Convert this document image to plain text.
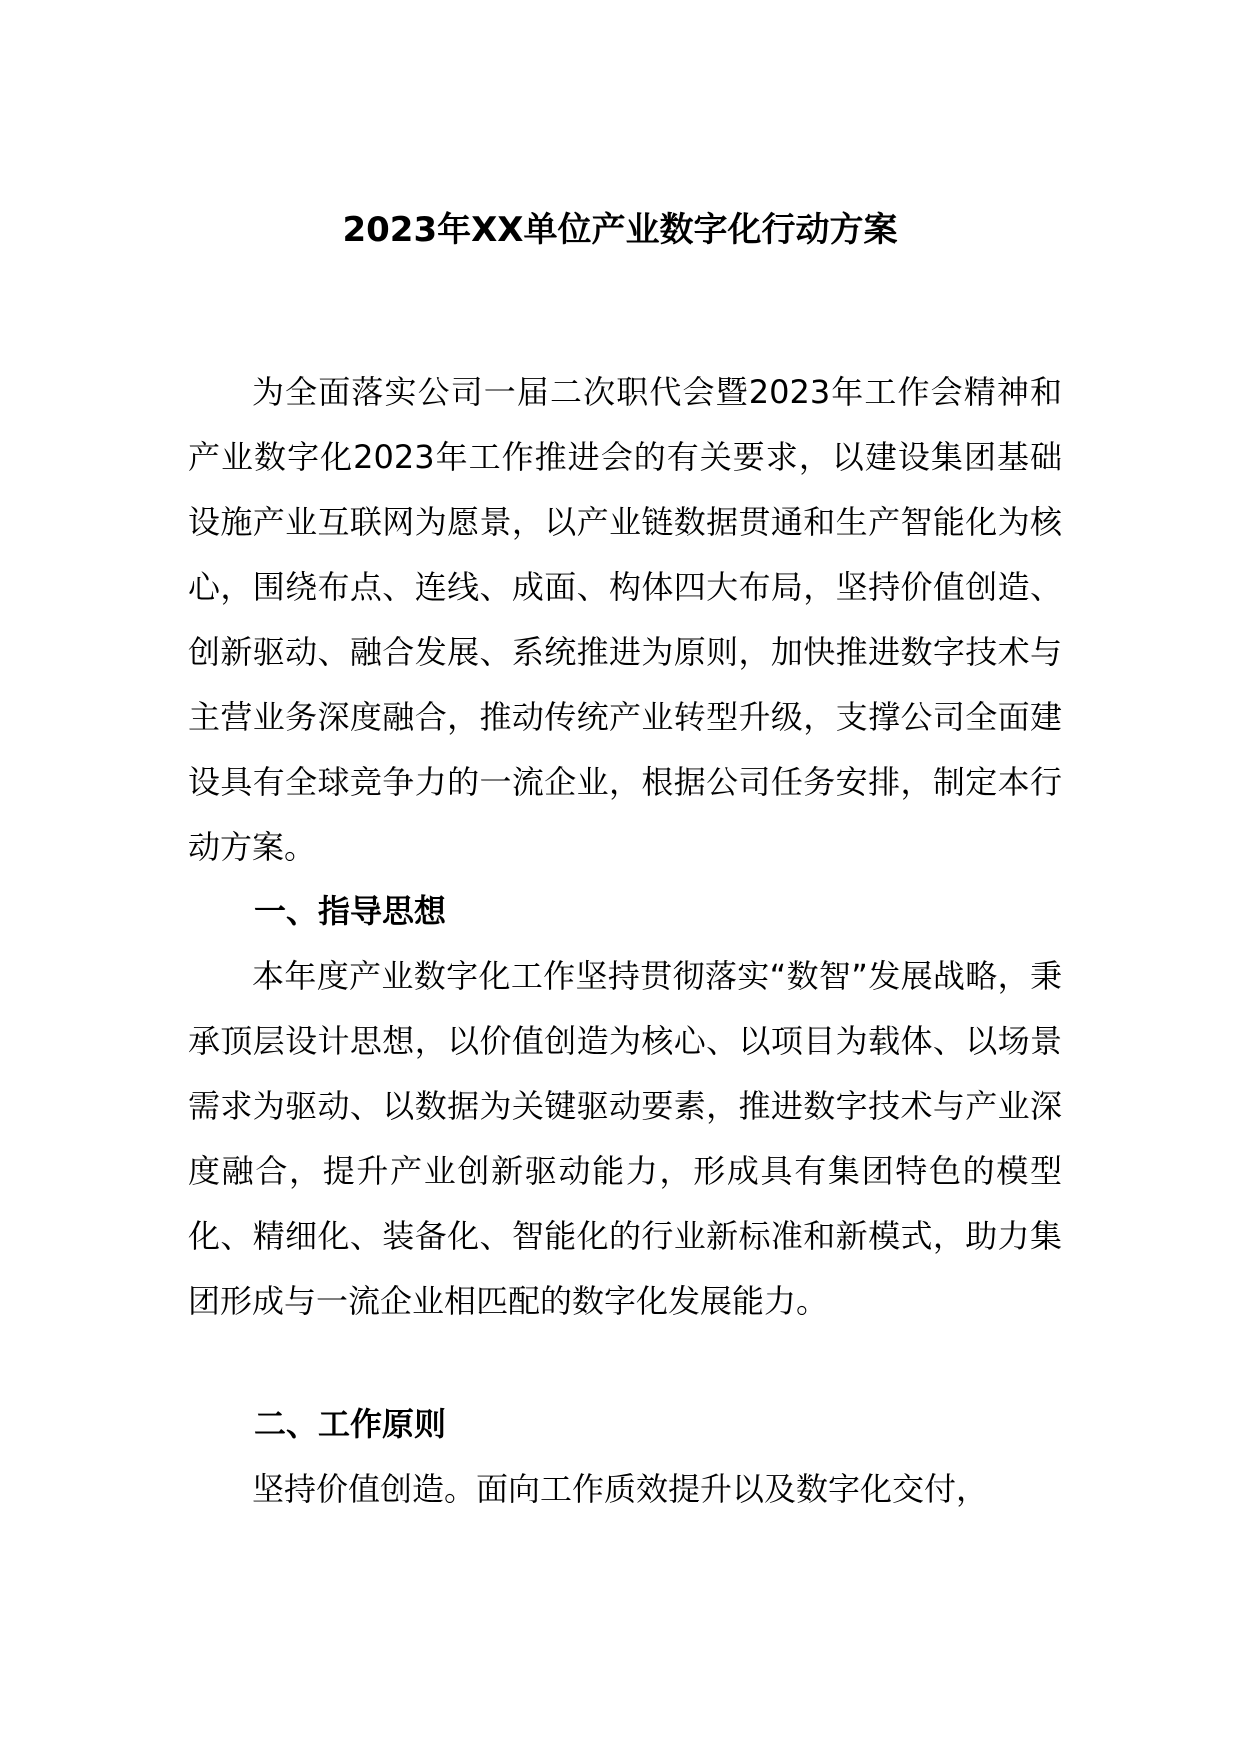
2023年XX单位产业数字化行动方案

为全面落实公司一届二次职代会暨2023年工作会精神和产业数字化2023年工作推进会的有关要求，以建设集团基础设施产业互联网为愿景，以产业链数据贯通和生产智能化为核心，围绕布点、连线、成面、构体四大布局，坚持价值创造、创新驱动、融合发展、系统推进为原则，加快推进数字技术与主营业务深度融合，推动传统产业转型升级，支撑公司全面建设具有全球竞争力的一流企业，根据公司任务安排，制定本行动方案。

一、指导思想

本年度产业数字化工作坚持贯彻落实“数智”发展战略，秉承顶层设计思想，以价值创造为核心、以项目为载体、以场景需求为驱动、以数据为关键驱动要素，推进数字技术与产业深度融合，提升产业创新驱动能力，形成具有集团特色的模型化、精细化、装备化、智能化的行业新标准和新模式，助力集团形成与一流企业相匹配的数字化发展能力。

二、工作原则

坚持价值创造。面向工作质效提升以及数字化交付，
